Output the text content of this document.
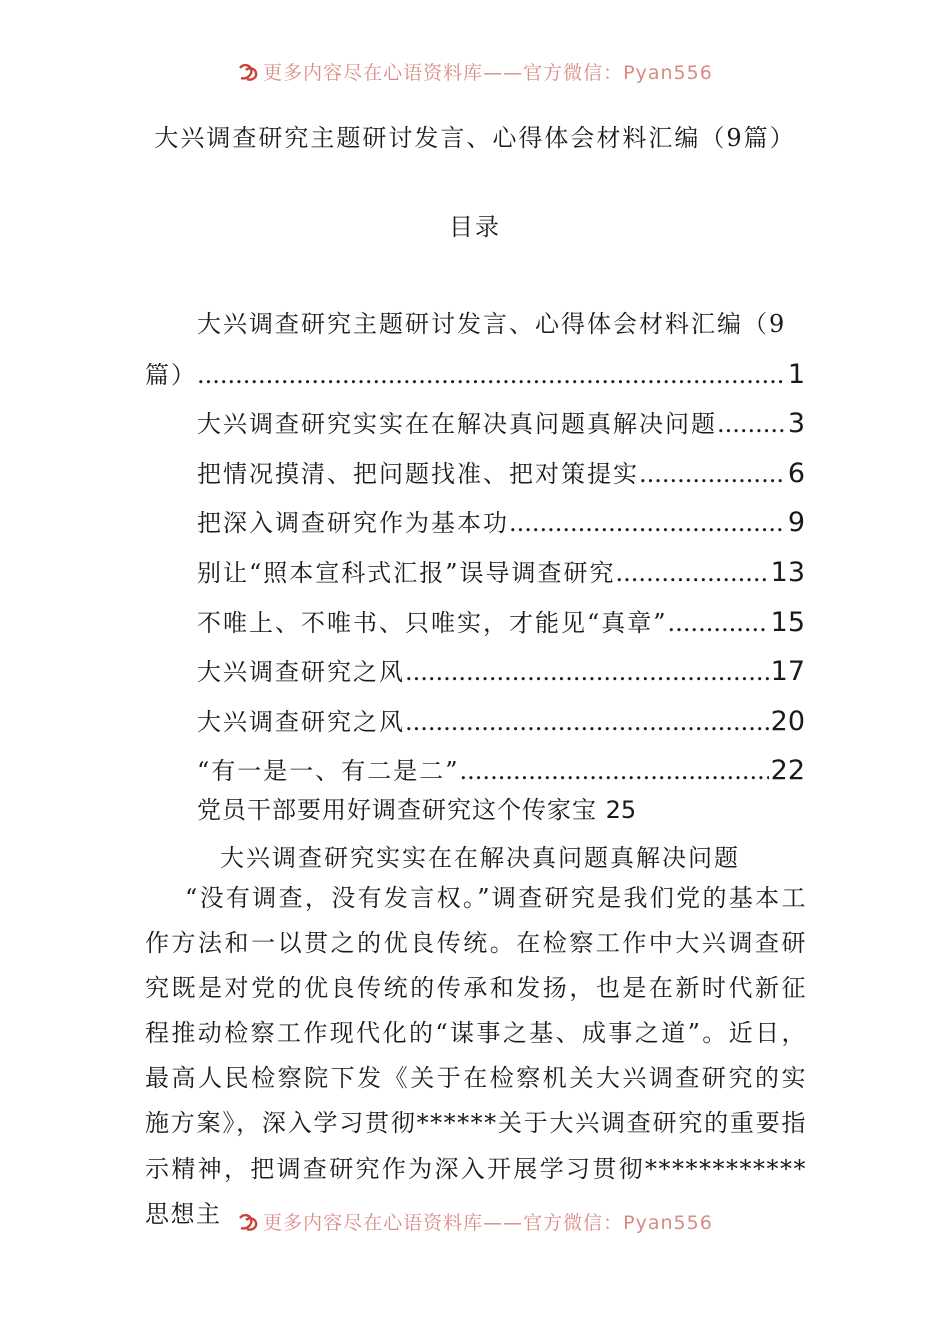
更多内容尽在心语资料库——官方微信：Pyan556
大兴调查研究主题研讨发言、心得体会材料汇编（9篇）
目录
大兴调查研究主题研讨发言、心得体会材料汇编（9
篇） .....	1
大兴调查研究实实在在解决真问题真解决问题 .....	3
把情况摸清、把问题找准、把对策提实 .....	6
把深入调查研究作为基本功 .....	9
别让“照本宣科式汇报”误导调查研究 .....	13
不唯上、不唯书、只唯实，才能见“真章” .....	15
大兴调查研究之风 .....	17
大兴调查研究之风 .....	20
“有一是一、有二是二” .....	22
党员干部要用好调查研究这个传家宝 25
大兴调查研究实实在在解决真问题真解决问题

“没有调查，没有发言权。”调查研究是我们党的基本工作方法和一以贯之的优良传统。在检察工作中大兴调查研究既是对党的优良传统的传承和发扬，也是在新时代新征程推动检察工作现代化的“谋事之基、成事之道”。近日，最高人民检察院下发《关于在检察机关大兴调查研究的实施方案》，深入学习贯彻******关于大兴调查研究的重要指示精神，把调查研究作为深入开展学习贯彻************思想主	更多内容尽在心语资料库——官方微信：Pyan556
